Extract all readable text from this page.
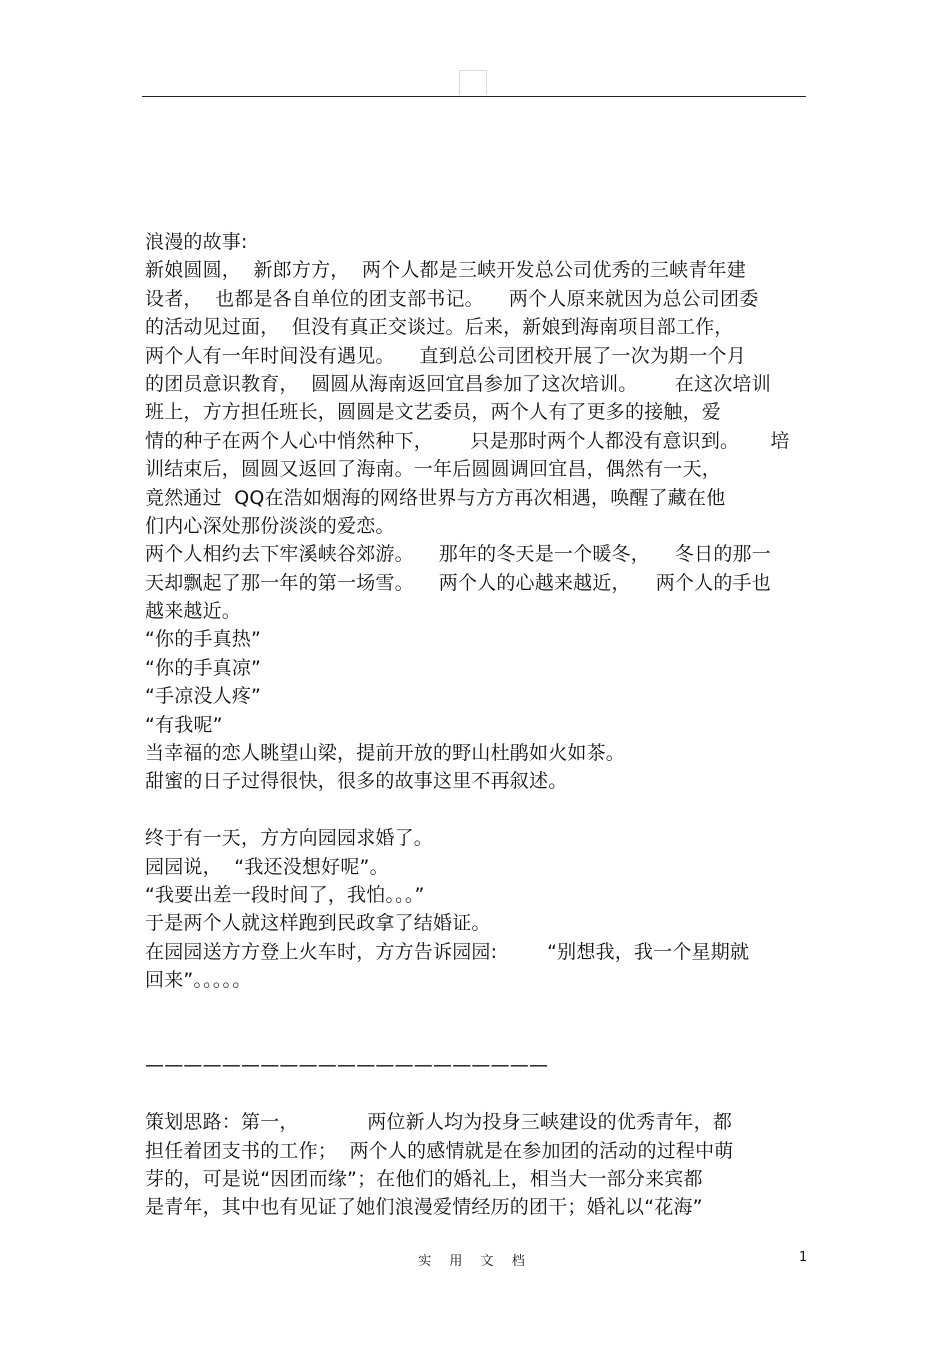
浪漫的故事:
新娘圆圆，  新郎方方，  两个人都是三峡开发总公司优秀的三峡青年建
设者，  也都是各自单位的团支部书记。    两个人原来就因为总公司团委
的活动见过面，  但没有真正交谈过。后来，新娘到海南项目部工作，
两个人有一年时间没有遇见。    直到总公司团校开展了一次为期一个月
的团员意识教育，  圆圆从海南返回宜昌参加了这次培训。      在这次培训
班上，方方担任班长，圆圆是文艺委员，两个人有了更多的接触，爱
情的种子在两个人心中悄然种下，      只是那时两个人都没有意识到。     培
训结束后，圆圆又返回了海南。一年后圆圆调回宜昌，偶然有一天，
竟然通过  QQ在浩如烟海的网络世界与方方再次相遇，唤醒了藏在他
们内心深处那份淡淡的爱恋。
两个人相约去下牢溪峡谷郊游。    那年的冬天是一个暖冬，    冬日的那一
天却飘起了那一年的第一场雪。    两个人的心越来越近，    两个人的手也
越来越近。
“你的手真热”
“你的手真凉”
“手凉没人疼”
“有我呢”
当幸福的恋人眺望山梁，提前开放的野山杜鹃如火如茶。
甜蜜的日子过得很快，很多的故事这里不再叙述。
终于有一天，方方向园园求婚了。
园园说，  “我还没想好呢”。
“我要出差一段时间了，我怕。。。”
于是两个人就这样跑到民政拿了结婚证。
在园园送方方登上火车时，方方告诉园园:        “别想我，我一个星期就
回来”。。。。。
—————————————————————
策划思路：第一，           两位新人均为投身三峡建设的优秀青年，都
担任着团支书的工作；  两个人的感情就是在参加团的活动的过程中萌
芽的，可是说“因团而缘”；在他们的婚礼上，相当大一部分来宾都
是青年，其中也有见证了她们浪漫爱情经历的团干；婚礼以“花海”
实 用 文 档	1
